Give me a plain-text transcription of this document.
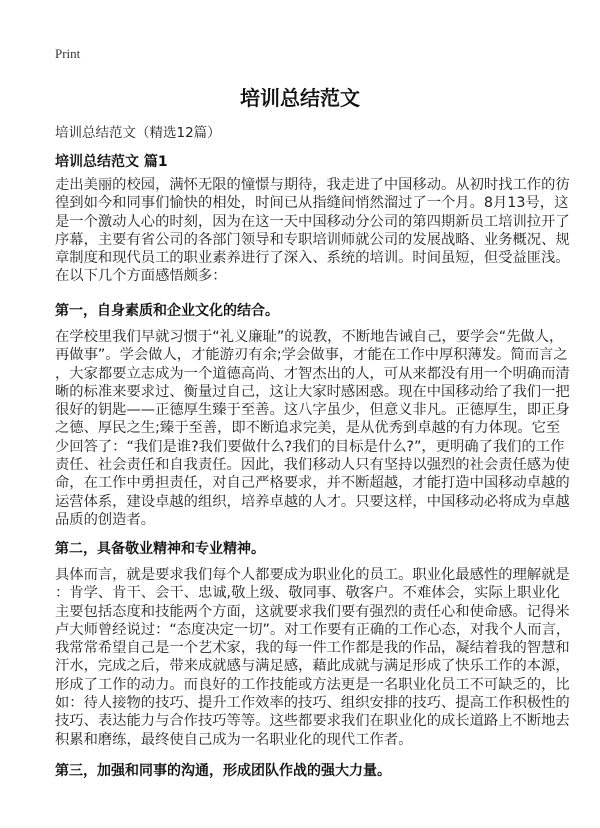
Print
培训总结范文
培训总结范文（精选12篇）
培训总结范文 篇1
走出美丽的校园，满怀无限的憧憬与期待，我走进了中国移动。从初时找工作的彷
徨到如今和同事们愉快的相处，时间已从指缝间悄然溜过了一个月。8月13号，这
是一个激动人心的时刻，因为在这一天中国移动分公司的第四期新员工培训拉开了
序幕，主要有省公司的各部门领导和专职培训师就公司的发展战略、业务概况、规
章制度和现代员工的职业素养进行了深入、系统的培训。时间虽短，但受益匪浅。
在以下几个方面感悟颇多：
第一，自身素质和企业文化的结合。
在学校里我们早就习惯于“礼义廉耻”的说教，不断地告诫自己，要学会“先做人，
再做事”。学会做人，才能游刃有余;学会做事，才能在工作中厚积薄发。简而言之
，大家都要立志成为一个道德高尚、才智杰出的人，可从来都没有用一个明确而清
晰的标准来要求过、衡量过自己，这让大家时感困惑。现在中国移动给了我们一把
很好的钥匙——正德厚生臻于至善。这八字虽少，但意义非凡。正德厚生，即正身
之德、厚民之生;臻于至善，即不断追求完美，是从优秀到卓越的有力体现。它至
少回答了：“我们是谁?我们要做什么?我们的目标是什么?”，更明确了我们的工作
责任、社会责任和自我责任。因此，我们移动人只有坚持以强烈的社会责任感为使
命，在工作中勇担责任，对自己严格要求，并不断超越，才能打造中国移动卓越的
运营体系，建设卓越的组织，培养卓越的人才。只要这样，中国移动必将成为卓越
品质的创造者。
第二，具备敬业精神和专业精神。
具体而言，就是要求我们每个人都要成为职业化的员工。职业化最感性的理解就是
：肯学、肯干、会干、忠诚,敬上级、敬同事、敬客户。不难体会，实际上职业化
主要包括态度和技能两个方面，这就要求我们要有强烈的责任心和使命感。记得米
卢大师曾经说过：“态度决定一切”。对工作要有正确的工作心态，对我个人而言，
我常常希望自己是一个艺术家，我的每一件工作都是我的作品，凝结着我的智慧和
汗水，完成之后，带来成就感与满足感，藉此成就与满足形成了快乐工作的本源，
形成了工作的动力。而良好的工作技能或方法更是一名职业化员工不可缺乏的，比
如：待人接物的技巧、提升工作效率的技巧、组织安排的技巧、提高工作积极性的
技巧、表达能力与合作技巧等等。这些都要求我们在职业化的成长道路上不断地去
积累和磨练，最终使自己成为一名职业化的现代工作者。
第三，加强和同事的沟通，形成团队作战的强大力量。
